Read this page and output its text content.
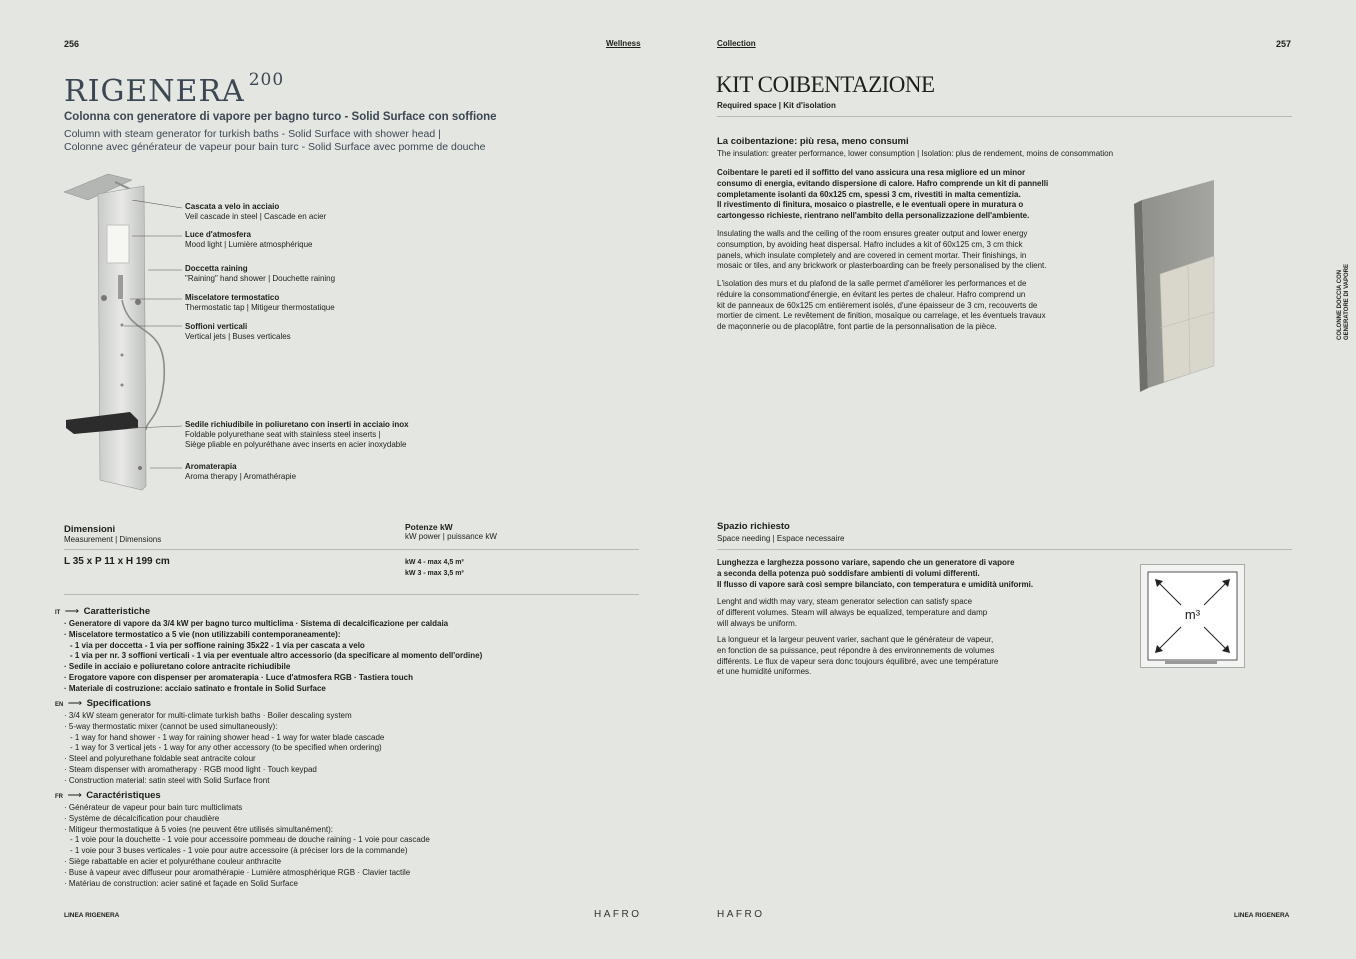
256	Wellness
RIGENERA $^{200}$
Colonna con generatore di vapore per bagno turco - Solid Surface con soffione
Column with steam generator for turkish baths - Solid Surface with shower head |
Colonne avec générateur de vapeur pour bain turc - Solid Surface avec pomme de douche
Cascata a velo in acciaio
Veil cascade in steel | Cascade en acier
Luce d'atmosfera
Mood light | Lumière atmosphérique
Doccetta raining
"Raining" hand shower | Douchette raining
Miscelatore termostatico
Thermostatic tap | Mitigeur thermostatique
Soffioni verticali
Vertical jets | Buses verticales
Sedile richiudibile in poliuretano con inserti in acciaio inox
Foldable polyurethane seat with stainless steel inserts |
Siège pliable en polyuréthane avec inserts en acier inoxydable
Aromaterapia
Aroma therapy | Aromathérapie
Dimensioni
Measurement | Dimensions
Potenze kW
kW power | puissance kW
L 35 x P 11 x H 199 cm	kW 4 - max 4,5 m³
kW 3 - max 3,5 m³
IT ⟶ Caratteristiche
· Generatore di vapore da 3/4 kW per bagno turco multiclima · Sistema di decalcificazione per caldaia
· Miscelatore termostatico a 5 vie (non utilizzabili contemporaneamente):
- 1 via per doccetta - 1 via per soffione raining 35x22 - 1 via per cascata a velo
- 1 via per nr. 3 soffioni verticali - 1 via per eventuale altro accessorio (da specificare al momento dell'ordine)
· Sedile in acciaio e poliuretano colore antracite richiudibile
· Erogatore vapore con dispenser per aromaterapia · Luce d'atmosfera RGB · Tastiera touch
· Materiale di costruzione: acciaio satinato e frontale in Solid Surface
EN ⟶ Specifications
· 3/4 kW steam generator for multi-climate turkish baths · Boiler descaling system
· 5-way thermostatic mixer (cannot be used simultaneously):
- 1 way for hand shower - 1 way for raining shower head - 1 way for water blade cascade
- 1 way for 3 vertical jets - 1 way for any other accessory (to be specified when ordering)
· Steel and polyurethane foldable seat antracite colour
· Steam dispenser with aromatherapy · RGB mood light · Touch keypad
· Construction material: satin steel with Solid Surface front
FR ⟶ Caractéristiques
· Générateur de vapeur pour bain turc multiclimats
· Système de décalcification pour chaudière
· Mitigeur thermostatique à 5 voies (ne peuvent être utilisés simultanément):
- 1 voie pour la douchette - 1 voie pour accessoire pommeau de douche raining - 1 voie pour cascade
- 1 voie pour 3 buses verticales - 1 voie pour autre accessoire (à préciser lors de la commande)
· Siège rabattable en acier et polyuréthane couleur anthracite
· Buse à vapeur avec diffuseur pour aromathérapie · Lumière atmosphérique RGB · Clavier tactile
· Matériau de construction: acier satiné et façade en Solid Surface
LINEA RIGENERA	HAFRO
Collection	257
KIT COIBENTAZIONE
Required space | Kit d'isolation
La coibentazione: più resa, meno consumi
The insulation: greater performance, lower consumption | Isolation: plus de rendement, moins de consommation
Coibentare le pareti ed il soffitto del vano assicura una resa migliore ed un minor
consumo di energia, evitando dispersione di calore. Hafro comprende un kit di pannelli
completamente isolanti da 60x125 cm, spessi 3 cm, rivestiti in malta cementizia.
Il rivestimento di finitura, mosaico o piastrelle, e le eventuali opere in muratura o
cartongesso richieste, rientrano nell'ambito della personalizzazione dell'ambiente.
Insulating the walls and the ceiling of the room ensures greater output and lower energy
consumption, by avoiding heat dispersal. Hafro includes a kit of 60x125 cm, 3 cm thick
panels, which insulate completely and are covered in cement mortar. Their finishings, in
mosaic or tiles, and any brickwork or plasterboarding can be freely personalised by the client.
L'isolation des murs et du plafond de la salle permet d'améliorer les performances et de
réduire la consommationd'énergie, en évitant les pertes de chaleur. Hafro comprend un
kit de panneaux de 60x125 cm entièrement isolés, d'une épaisseur de 3 cm, recouverts de
mortier de ciment. Le revêtement de finition, mosaïque ou carrelage, et les éventuels travaux
de maçonnerie ou de placoplâtre, font partie de la personnalisation de la pièce.	COLONNE DOCCIA CON GENERATORE DI VAPORE
Spazio richiesto
Space needing | Espace necessaire
Lunghezza e larghezza possono variare, sapendo che un generatore di vapore
a seconda della potenza può soddisfare ambienti di volumi differenti.
Il flusso di vapore sarà così sempre bilanciato, con temperatura e umidità uniformi.
Lenght and width may vary, steam generator selection can satisfy space
of different volumes. Steam will always be equalized, temperature and damp
will always be uniform.
La longueur et la largeur peuvent varier, sachant que le générateur de vapeur,
en fonction de sa puissance, peut répondre à des environnements de volumes
différents. Le flux de vapeur sera donc toujours équilibré, avec une température
et une humidité uniformes.
m³
HAFRO	LINEA RIGENERA
